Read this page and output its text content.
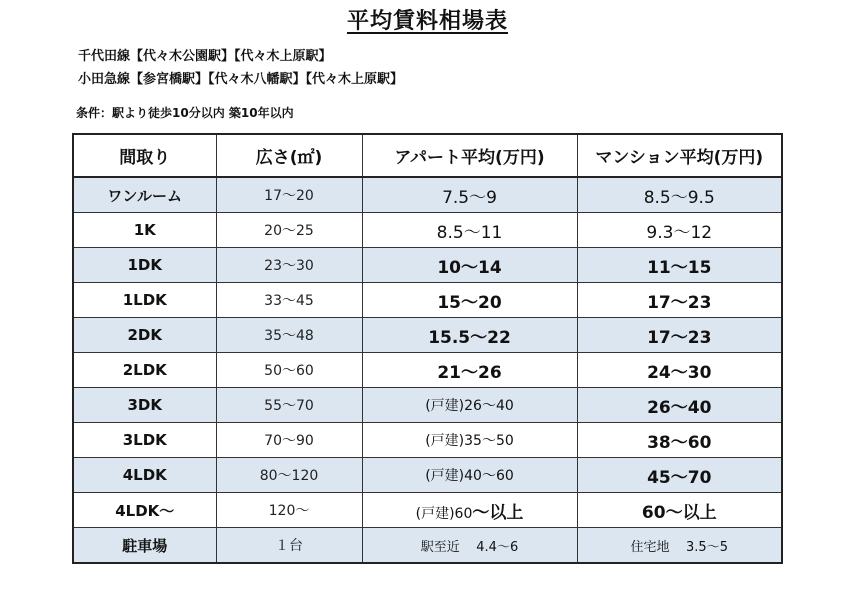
平均賃料相場表
千代田線【代々木公園駅】【代々木上原駅】
小田急線【参宮橋駅】【代々木八幡駅】【代々木上原駅】
条件：駅より徒歩10分以内 築10年以内
間取り	広さ(㎡)	アパート平均(万円)	マンション平均(万円)
ワンルーム	17～20	7.5～9	8.5～9.5
1K	20～25	8.5～11	9.3～12
1DK	23～30	10～14	11～15
1LDK	33～45	15～20	17～23
2DK	35～48	15.5～22	17～23
2LDK	50～60	21～26	24～30
3DK	55～70	(戸建)26～40	26～40
3LDK	70～90	(戸建)35～50	38～60
4LDK	80～120	(戸建)40～60	45～70
4LDK～	120～	(戸建)60～以上	60～以上
駐車場	１台	駅至近    4.4～6	住宅地    3.5～5
